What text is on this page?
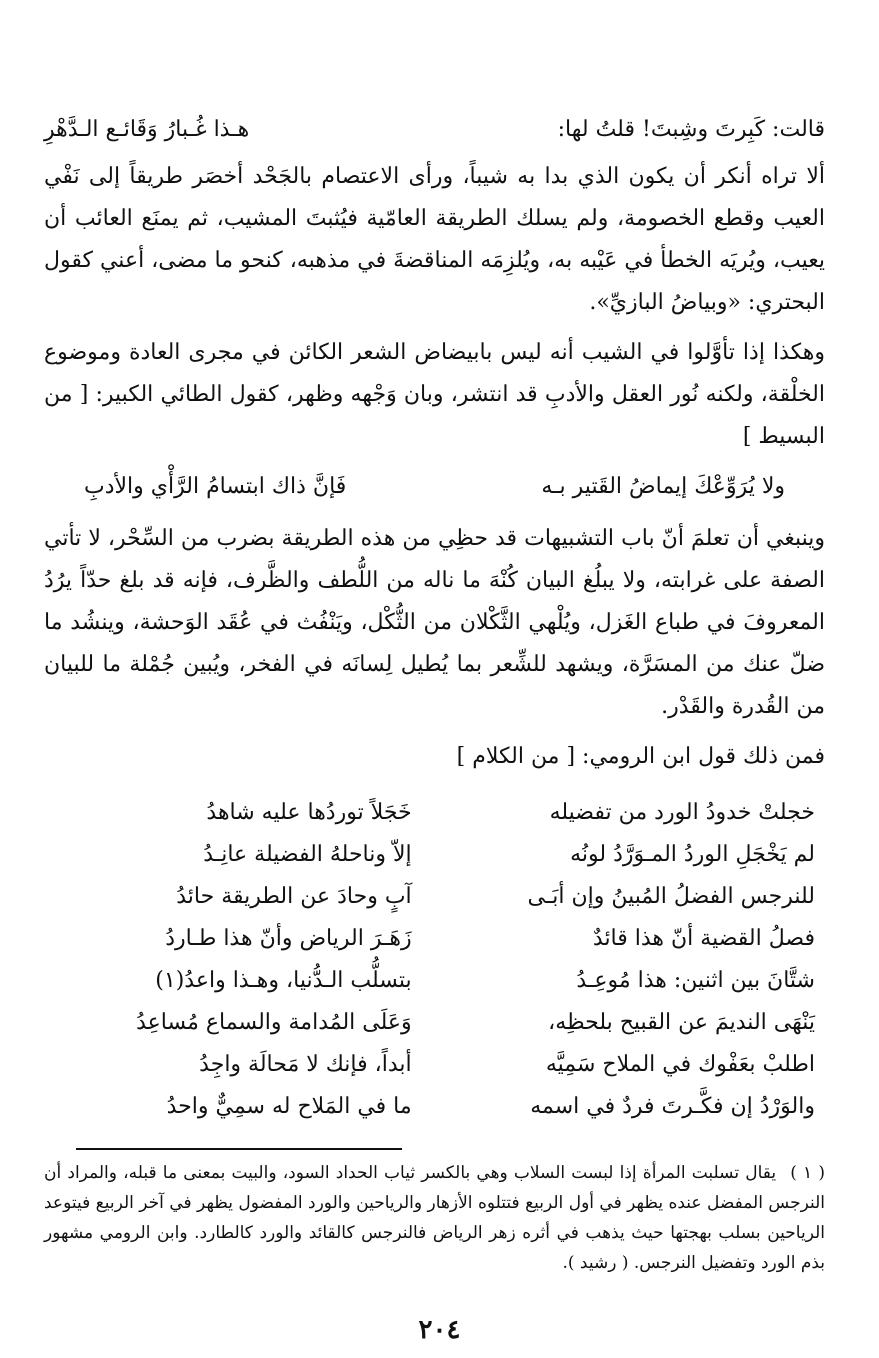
قالت: كَبِرتَ وشِبتَ! قلتُ لها:
هـذا غُـبارُ وَقَائـع الـدَّهْرِ

ألا تراه أنكر أن يكون الذي بدا به شيباً، ورأى الاعتصام بالجَحْد أخصَر طريقاً إلى نَفْي العيب وقطع الخصومة، ولم يسلك الطريقة العامّية فيُثبتَ المشيب، ثم يمنَع العائب أن يعيب، ويُريَه الخطأ في عَيْبه به، ويُلزِمَه المناقضةَ في مذهبه، كنحو ما مضى، أعني كقول البحتري: «وبياضُ البازيِّ».

وهكذا إذا تأوَّلوا في الشيب أنه ليس بابيضاض الشعر الكائن في مجرى العادة وموضوع الخلْقة، ولكنه نُور العقل والأدبِ قد انتشر، وبان وَجْهه وظهر، كقول الطائي الكبير: [ من البسيط ]

ولا يُرَوِّعْكَ إيماضُ القَتير بـه
فَإنَّ ذاك ابتسامُ الرَّأْي والأدبِ

وينبغي أن تعلمَ أنّ باب التشبيهات قد حظِي من هذه الطريقة بضرب من السِّحْر، لا تأتي الصفة على غرابته، ولا يبلُغ البيان كُنْهَ ما ناله من اللُّطف والظَّرف، فإنه قد بلغ حدّاً يرُدُ المعروفَ في طباع الغَزل، ويُلْهي الثَّكْلان من الثُّكْل، ويَنْفُث في عُقَد الوَحشة، وينشُد ما ضلّ عنك من المسَرَّة، ويشهد للشِّعر بما يُطيل لِسانَه في الفخر، ويُبين جُمْلة ما للبيان من القُدرة والقَدْر.

فمن ذلك قول ابن الرومي: [ من الكلام ]

خجلتْ خدودُ الورد من تفضيله
خَجَلاً توردُها عليه شاهدُ
لم يَخْجَلِ الوردُ المـوَرَّدُ لونُه
إلاّ وناحلهُ الفضيلة عانِـدُ
للنرجس الفضلُ المُبينُ وإن أبَـى
آبٍ وحادَ عن الطريقة حائدُ
فصلُ القضية أنّ هذا قائدٌ
زَهَـرَ الرياض وأنّ هذا طـاردُ
شتَّانَ بين اثنين: هذا مُوعِـدُ
بتسلُّب الـدُّنيا، وهـذا واعدُ(١)
يَنْهَى النديمَ عن القبيح بلحظِه،
وَعَلَى المُدامة والسماع مُساعِدُ
اطلبْ بعَفْوك في الملاح سَمِيَّه
أبداً، فإنك لا مَحالَة واجِدُ
والوَرْدُ إن فكَّـرتَ فردٌ في اسمه
ما في المَلاح له سمِيٌّ واحدُ
( ١ ) يقال تسلبت المرأة إذا لبست السلاب وهي بالكسر ثياب الحداد السود، والبيت بمعنى ما قبله، والمراد أن النرجس المفضل عنده يظهر في أول الربيع فتتلوه الأزهار والرياحين والورد المفضول يظهر في آخر الربيع فيتوعد الرياحين بسلب بهجتها حيث يذهب في أثره زهر الرياض فالنرجس كالقائد والورد كالطارد. وابن الرومي مشهور بذم الورد وتفضيل النرجس. ( رشيد ).
٢٠٤
